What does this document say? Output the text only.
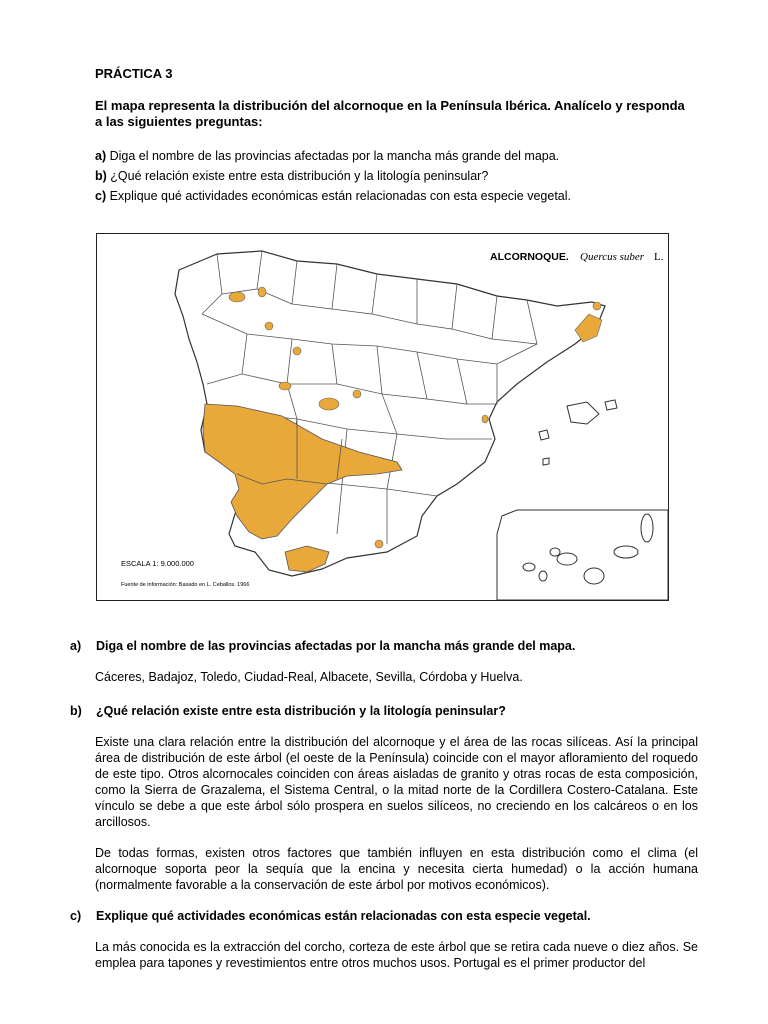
PRÁCTICA 3
El mapa representa la distribución del alcornoque en la Península Ibérica. Analícelo y responda a las siguientes preguntas:

a) Diga el nombre de las provincias afectadas por la mancha más grande del mapa.

b) ¿Qué relación existe entre esta distribución y la litología peninsular?

c) Explique qué actividades económicas están relacionadas con esta especie vegetal.

ALCORNOQUE. Quercus suber L.
ESCALA 1: 9.000.000
Fuente de información: Basado en L. Ceballos. 1966
a)	Diga el nombre de las provincias afectadas por la mancha más grande del mapa.

Cáceres, Badajoz, Toledo, Ciudad-Real, Albacete, Sevilla, Córdoba y Huelva.

b)	¿Qué relación existe entre esta distribución y la litología peninsular?

Existe una clara relación entre la distribución del alcornoque y el área de las rocas silíceas. Así la principal área de distribución de este árbol (el oeste de la Península) coincide con el mayor afloramiento del roquedo de este tipo. Otros alcornocales coinciden con áreas aisladas de granito y otras rocas de esta composición, como la Sierra de Grazalema, el Sistema Central, o la mitad norte de la Cordillera Costero-Catalana. Este vínculo se debe a que este árbol sólo prospera en suelos silíceos, no creciendo en los calcáreos o en los arcillosos.

De todas formas, existen otros factores que también influyen en esta distribución como el clima (el alcornoque soporta peor la sequía que la encina y necesita cierta humedad) o la acción humana (normalmente favorable a la conservación de este árbol por motivos económicos).

c)	Explique qué actividades económicas están relacionadas con esta especie vegetal.

La más conocida es la extracción del corcho, corteza de este árbol que se retira cada nueve o diez años. Se emplea para tapones y revestimientos entre otros muchos usos. Portugal es el primer productor del
